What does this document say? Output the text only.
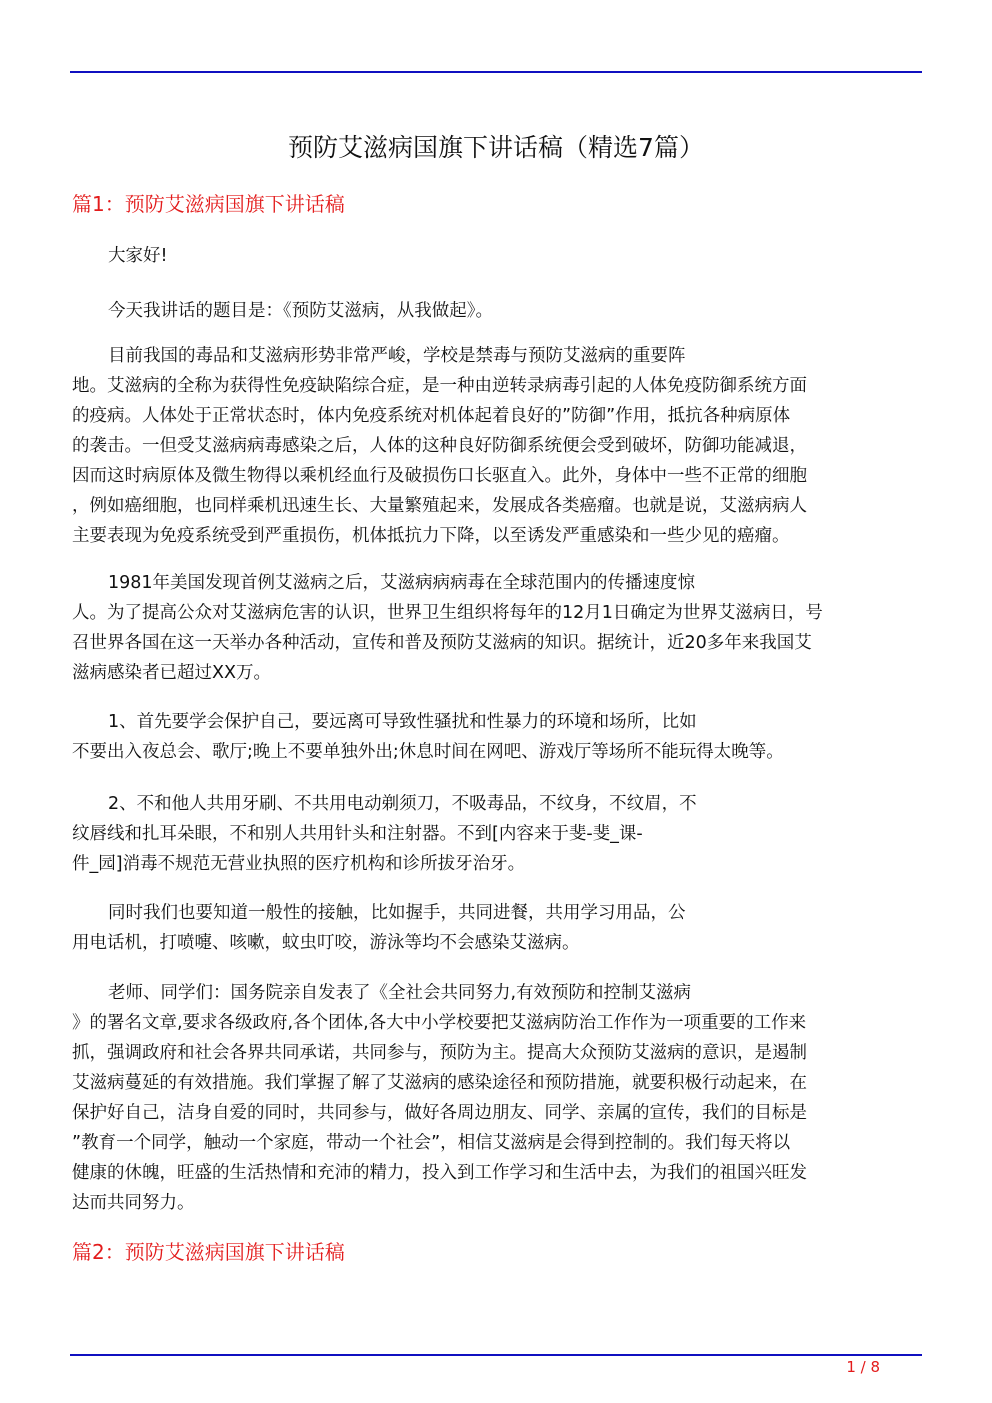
预防艾滋病国旗下讲话稿（精选7篇）
篇1：预防艾滋病国旗下讲话稿
大家好!
今天我讲话的题目是：《预防艾滋病，从我做起》。
目前我国的毒品和艾滋病形势非常严峻，学校是禁毒与预防艾滋病的重要阵
地。艾滋病的全称为获得性免疫缺陷综合症，是一种由逆转录病毒引起的人体免疫防御系统方面
的疫病。人体处于正常状态时，体内免疫系统对机体起着良好的”防御”作用，抵抗各种病原体
的袭击。一但受艾滋病病毒感染之后，人体的这种良好防御系统便会受到破坏，防御功能减退，
因而这时病原体及微生物得以乘机经血行及破损伤口长驱直入。此外，身体中一些不正常的细胞
，例如癌细胞，也同样乘机迅速生长、大量繁殖起来，发展成各类癌瘤。也就是说，艾滋病病人
主要表现为免疫系统受到严重损伤，机体抵抗力下降，以至诱发严重感染和一些少见的癌瘤。
1981年美国发现首例艾滋病之后，艾滋病病病毒在全球范围内的传播速度惊
人。为了提高公众对艾滋病危害的认识，世界卫生组织将每年的12月1日确定为世界艾滋病日，号
召世界各国在这一天举办各种活动，宣传和普及预防艾滋病的知识。据统计，近20多年来我国艾
滋病感染者已超过XX万。
1、首先要学会保护自己，要远离可导致性骚扰和性暴力的环境和场所，比如
不要出入夜总会、歌厅;晚上不要单独外出;休息时间在网吧、游戏厅等场所不能玩得太晚等。
2、不和他人共用牙刷、不共用电动剃须刀，不吸毒品，不纹身，不纹眉，不
纹唇线和扎耳朵眼，不和别人共用针头和注射器。不到[内容来于斐-斐_课-
件_园]消毒不规范无营业执照的医疗机构和诊所拔牙治牙。
同时我们也要知道一般性的接触，比如握手，共同进餐，共用学习用品，公
用电话机，打喷嚏、咳嗽，蚊虫叮咬，游泳等均不会感染艾滋病。
老师、同学们：国务院亲自发表了《全社会共同努力,有效预防和控制艾滋病
》的署名文章,要求各级政府,各个团体,各大中小学校要把艾滋病防治工作作为一项重要的工作来
抓，强调政府和社会各界共同承诺，共同参与，预防为主。提高大众预防艾滋病的意识，是遏制
艾滋病蔓延的有效措施。我们掌握了解了艾滋病的感染途径和预防措施，就要积极行动起来，在
保护好自己，洁身自爱的同时，共同参与，做好各周边朋友、同学、亲属的宣传，我们的目标是
”教育一个同学，触动一个家庭，带动一个社会”，相信艾滋病是会得到控制的。我们每天将以
健康的休魄，旺盛的生活热情和充沛的精力，投入到工作学习和生活中去，为我们的祖国兴旺发
达而共同努力。
篇2：预防艾滋病国旗下讲话稿
1 / 8
